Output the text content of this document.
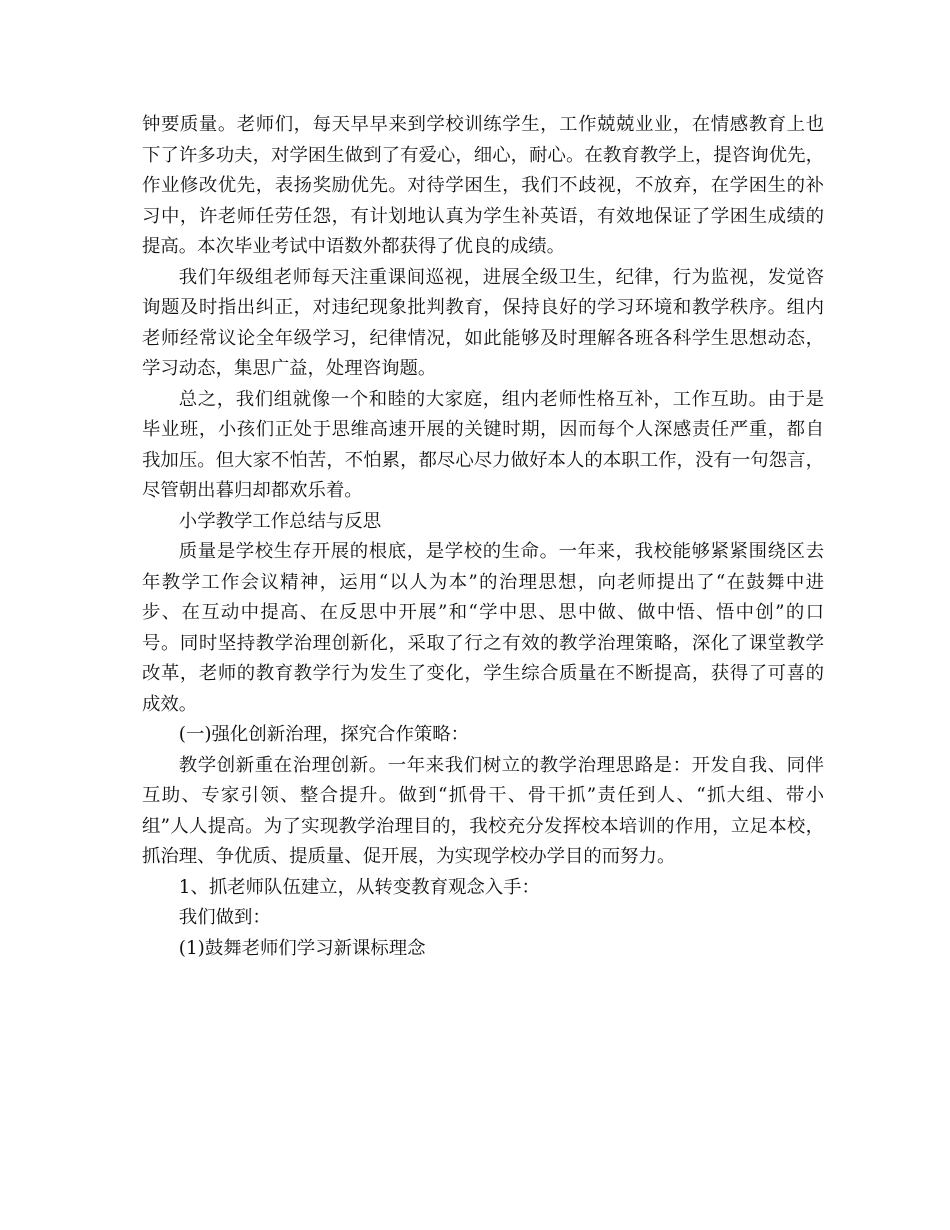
钟要质量。老师们，每天早早来到学校训练学生，工作兢兢业业，在情感教育上也
下了许多功夫，对学困生做到了有爱心，细心，耐心。在教育教学上，提咨询优先，
作业修改优先，表扬奖励优先。对待学困生，我们不歧视，不放弃，在学困生的补
习中，许老师任劳任怨，有计划地认真为学生补英语，有效地保证了学困生成绩的
提高。本次毕业考试中语数外都获得了优良的成绩。
我们年级组老师每天注重课间巡视，进展全级卫生，纪律，行为监视，发觉咨
询题及时指出纠正，对违纪现象批判教育，保持良好的学习环境和教学秩序。组内
老师经常议论全年级学习，纪律情况，如此能够及时理解各班各科学生思想动态，
学习动态，集思广益，处理咨询题。
总之，我们组就像一个和睦的大家庭，组内老师性格互补，工作互助。由于是
毕业班，小孩们正处于思维高速开展的关键时期，因而每个人深感责任严重，都自
我加压。但大家不怕苦，不怕累，都尽心尽力做好本人的本职工作，没有一句怨言，
尽管朝出暮归却都欢乐着。
小学教学工作总结与反思
质量是学校生存开展的根底，是学校的生命。一年来，我校能够紧紧围绕区去
年教学工作会议精神，运用“以人为本”的治理思想，向老师提出了“在鼓舞中进
步、在互动中提高、在反思中开展”和“学中思、思中做、做中悟、悟中创”的口
号。同时坚持教学治理创新化，采取了行之有效的教学治理策略，深化了课堂教学
改革，老师的教育教学行为发生了变化，学生综合质量在不断提高，获得了可喜的
成效。
(一)强化创新治理，探究合作策略：
教学创新重在治理创新。一年来我们树立的教学治理思路是：开发自我、同伴
互助、专家引领、整合提升。做到“抓骨干、骨干抓”责任到人、“抓大组、带小
组”人人提高。为了实现教学治理目的，我校充分发挥校本培训的作用，立足本校，
抓治理、争优质、提质量、促开展，为实现学校办学目的而努力。
1、抓老师队伍建立，从转变教育观念入手：
我们做到：
(1)鼓舞老师们学习新课标理念
